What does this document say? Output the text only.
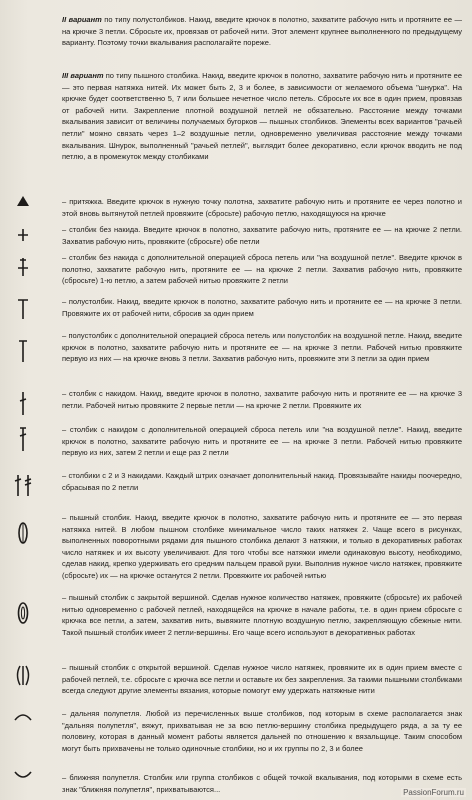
II вариант по типу полустолбиков. Накид, введите крючок в полотно, захватите рабочую нить и протяните ее — на крючке 3 петли. Сбросьте их, провязав от рабочей нити. Этот элемент крупнее выполненного по предыдущему варианту. Поэтому точки вкалывания располагайте пореже.

III вариант по типу пышного столбика. Накид, введите крючок в полотно, захватите рабочую нить и протяните ее — это первая натяжка нитей. Их может быть 2, 3 и более, в зависимости от желаемого объема "шнурка". На крючке будет соответственно 5, 7 или большее нечетное число петель. Сбросьте их все в один прием, провязав от рабочей нити. Закрепление плотной воздушной петлей не обязательно. Расстояние между точками вкалывания зависит от величины получаемых бугорков — пышных столбиков. Элементы всех вариантов "рачьей петли" можно связать через 1–2 воздушные петли, одновременно увеличивая расстояние между точками вкалывания. Шнурок, выполненный "рачьей петлей", выглядит более декоративно, если крючок вводить не под петлю, а в промежуток между столбиками

– притяжка. Введите крючок в нужную точку полотна, захватите рабочую нить и протяните ее через полотно и этой вновь вытянутой петлей провяжите (сбросьте) рабочую петлю, находящуюся на крючке

– столбик без накида. Введите крючок в полотно, захватите рабочую нить, протяните ее — на крючке 2 петли. Захватив рабочую нить, провяжите (сбросьте) обе петли

– столбик без накида с дополнительной операцией сброса петель или "на воздушной петле". Введите крючок в полотно, захватите рабочую нить, протяните ее — на крючке 2 петли. Захватив рабочую нить, провяжите (сбросьте) 1-ю петлю, а затем рабочей нитью провяжите 2 петли

– полустолбик. Накид, введите крючок в полотно, захватите рабочую нить и протяните ее — на крючке 3 петли. Провяжите их от рабочей нити, сбросив за один прием

– полустолбик с дополнительной операцией сброса петель или полустолбик на воздушной петле. Накид, введите крючок в полотно, захватите рабочую нить и протяните ее — на крючке 3 петли. Рабочей нитью провяжите первую из них — на крючке вновь 3 петли. Захватив рабочую нить, провяжите эти 3 петли за один прием

– столбик с накидом. Накид, введите крючок в полотно, захватите рабочую нить и протяните ее — на крючке 3 петли. Рабочей нитью провяжите 2 первые петли — на крючке 2 петли. Провяжите их

– столбик с накидом с дополнительной операцией сброса петель или "на воздушной петле". Накид, введите крючок в полотно, захватите рабочую нить и протяните ее — на крючке 3 петли. Рабочей нитью провяжите первую из них, затем 2 петли и еще раз 2 петли

– столбики с 2 и 3 накидами. Каждый штрих означает дополнительный накид. Провязывайте накиды поочередно, сбрасывая по 2 петли

– пышный столбик. Накид, введите крючок в полотно, захватите рабочую нить и протяните ее — это первая натяжка нитей. В любом пышном столбике минимальное число таких натяжек 2. Чаще всего в рисунках, выполненных поворотными рядами для пышного столбика делают 3 натяжки, и только в декоративных работах число натяжек и их высоту увеличивают. Для того чтобы все натяжки имели одинаковую высоту, необходимо, сделав накид, крепко удерживать его средним пальцем правой руки. Выполнив нужное число натяжек, провяжите (сбросьте) их — на крючке останутся 2 петли. Провяжите их рабочей нитью

– пышный столбик с закрытой вершиной. Сделав нужное количество натяжек, провяжите (сбросьте) их рабочей нитью одновременно с рабочей петлей, находящейся на крючке в начале работы, т.е. в один прием сбросьте с крючка все петли, а затем, захватив нить, вывяжите плотную воздушную петлю, закрепляющую сбежные нити. Такой пышный столбик имеет 2 петли-вершины. Его чаще всего используют в декоративных работах

– пышный столбик с открытой вершиной. Сделав нужное число натяжек, провяжите их в один прием вместе с рабочей петлей, т.е. сбросьте с крючка все петли и оставьте их без закрепления. За такими пышными столбиками всегда следуют другие элементы вязания, которые помогут ему удержать натяжные нити

– дальняя полупетля. Любой из перечисленных выше столбиков, под которым в схеме располагается знак "дальняя полупетля", вяжут, прихватывая не за всю петлю-вершину столбика предыдущего ряда, а за ту ее половину, которая в данный момент работы является дальней по отношению к вязальщице. Таким способом могут быть прихвачены не только одиночные столбики, но и их группы по 2, 3 и более

– ближняя полупетля. Столбик или группа столбиков с общей точкой вкалывания, под которыми в схеме есть знак "ближняя полупетля", прихватываются...	PassionForum.ru
